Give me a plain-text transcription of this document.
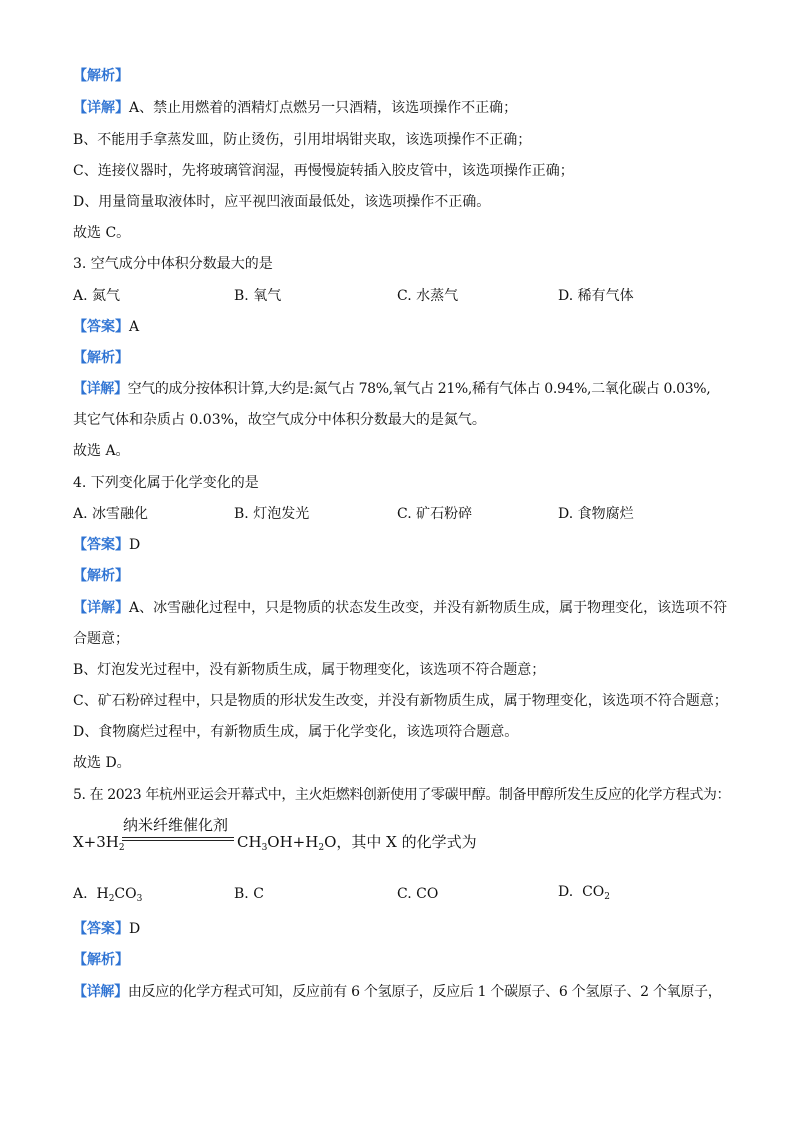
【解析】
【详解】A、禁止用燃着的酒精灯点燃另一只酒精，该选项操作不正确；
B、不能用手拿蒸发皿，防止烫伤，引用坩埚钳夹取，该选项操作不正确；
C、连接仪器时，先将玻璃管润湿，再慢慢旋转插入胶皮管中，该选项操作正确；
D、用量筒量取液体时，应平视凹液面最低处，该选项操作不正确。
故选 C。
3. 空气成分中体积分数最大的是
A. 氮气	B. 氧气	C. 水蒸气	D. 稀有气体
【答案】A
【解析】
【详解】空气的成分按体积计算,大约是:氮气占 78%,氧气占 21%,稀有气体占 0.94%,二氧化碳占 0.03%,
其它气体和杂质占 0.03%，故空气成分中体积分数最大的是氮气。
故选 A。
4. 下列变化属于化学变化的是
A. 冰雪融化	B. 灯泡发光	C. 矿石粉碎	D. 食物腐烂
【答案】D
【解析】
【详解】A、冰雪融化过程中，只是物质的状态发生改变，并没有新物质生成，属于物理变化，该选项不符
合题意；
B、灯泡发光过程中，没有新物质生成，属于物理变化，该选项不符合题意；
C、矿石粉碎过程中，只是物质的形状发生改变，并没有新物质生成，属于物理变化，该选项不符合题意；
D、食物腐烂过程中，有新物质生成，属于化学变化，该选项符合题意。
故选 D。
5. 在 2023 年杭州亚运会开幕式中，主火炬燃料创新使用了零碳甲醇。制备甲醇所发生反应的化学方程式为：
$X+3H_2$
纳米纤维催化剂
$CH_3OH+H_2O$，其中 X 的化学式为
A. $H_2CO_3$	B. C	C. CO	D. $CO_2$
【答案】D
【解析】
【详解】由反应的化学方程式可知，反应前有 6 个氢原子，反应后 1 个碳原子、6 个氢原子、2 个氧原子，
